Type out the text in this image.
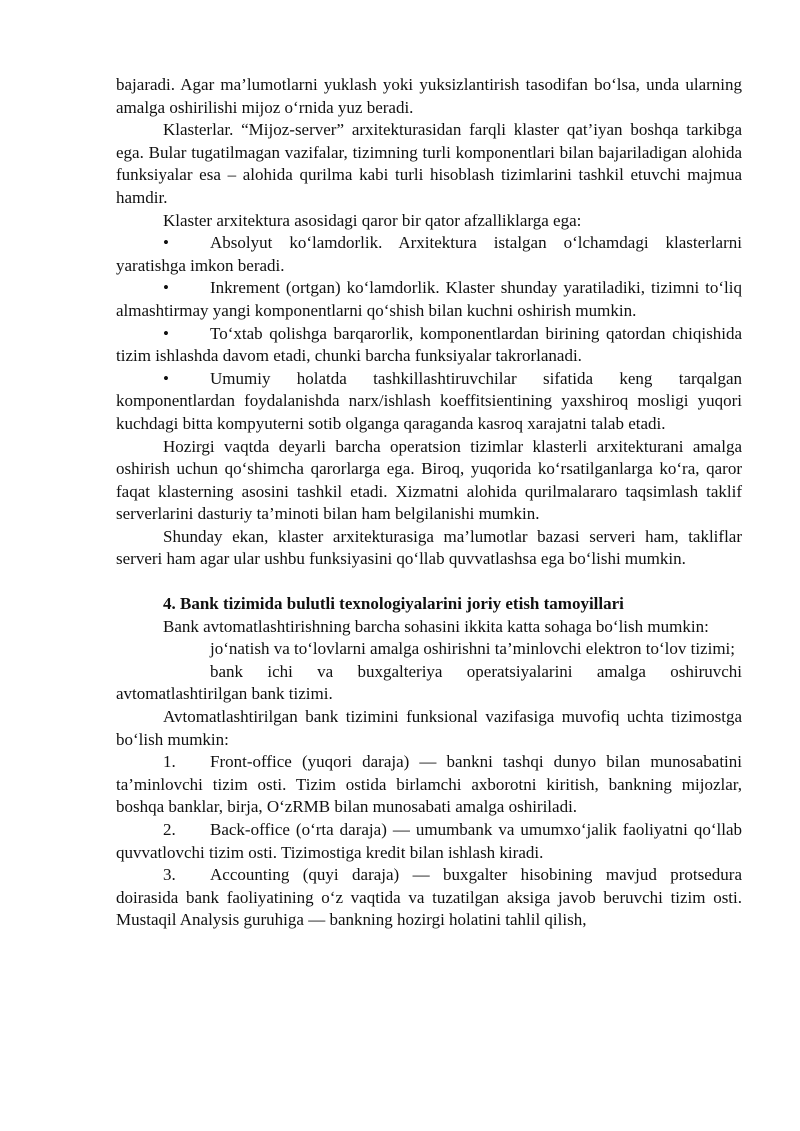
bajaradi. Agar ma’lumotlarni yuklash yoki yuksizlantirish tasodifan bo‘lsa, unda ularning amalga oshirilishi mijoz o‘rnida yuz beradi.

Klasterlar. “Mijoz-server” arxitekturasidan farqli klaster qat’iyan boshqa tarkibga ega. Bular tugatilmagan vazifalar, tizimning turli komponentlari bilan bajariladigan alohida funksiyalar esa – alohida qurilma kabi turli hisoblash tizimlarini tashkil etuvchi majmua hamdir.

Klaster arxitektura asosidagi qaror bir qator afzalliklarga ega:

• Absolyut ko‘lamdorlik. Arxitektura istalgan o‘lchamdagi klasterlarni yaratishga imkon beradi.

• Inkrement (ortgan) ko‘lamdorlik. Klaster shunday yaratiladiki, tizimni to‘liq almashtirmay yangi komponentlarni qo‘shish bilan kuchni oshirish mumkin.

• To‘xtab qolishga barqarorlik, komponentlardan birining qatordan chiqishida tizim ishlashda davom etadi, chunki barcha funksiyalar takrorlanadi.

• Umumiy holatda tashkillashtiruvchilar sifatida keng tarqalgan komponentlardan foydalanishda narx/ishlash koeffitsientining yaxshiroq mosligi yuqori kuchdagi bitta kompyuterni sotib olganga qaraganda kasroq xarajatni talab etadi.

Hozirgi vaqtda deyarli barcha operatsion tizimlar klasterli arxitekturani amalga oshirish uchun qo‘shimcha qarorlarga ega. Biroq, yuqorida ko‘rsatilganlarga ko‘ra, qaror faqat klasterning asosini tashkil etadi. Xizmatni alohida qurilmalararo taqsimlash taklif serverlarini dasturiy ta’minoti bilan ham belgilanishi mumkin.

Shunday ekan, klaster arxitekturasiga ma’lumotlar bazasi serveri ham, takliflar serveri ham agar ular ushbu funksiyasini qo‘llab quvvatlashsa ega bo‘lishi mumkin.

4. Bank tizimida bulutli texnologiyalarini joriy etish tamoyillari

Bank avtomatlashtirishning barcha sohasini ikkita katta sohaga bo‘lish mumkin:

jo‘natish va to‘lovlarni amalga oshirishni ta’minlovchi elektron to‘lov tizimi;

bank ichi va buxgalteriya operatsiyalarini amalga oshiruvchi avtomatlashtirilgan bank tizimi.

Avtomatlashtirilgan bank tizimini funksional vazifasiga muvofiq uchta tizimostga bo‘lish mumkin:

1. Front-office (yuqori daraja) — bankni tashqi dunyo bilan munosabatini ta’minlovchi tizim osti. Tizim ostida birlamchi axborotni kiritish, bankning mijozlar, boshqa banklar, birja, O‘zRMB bilan munosabati amalga oshiriladi.

2. Back-office (o‘rta daraja) — umumbank va umumxo‘jalik faoliyatni qo‘llab quvvatlovchi tizim osti. Tizimostiga kredit bilan ishlash kiradi.

3. Accounting (quyi daraja) — buxgalter hisobining mavjud protsedura doirasida bank faoliyatining o‘z vaqtida va tuzatilgan aksiga javob beruvchi tizim osti. Mustaqil Analysis guruhiga — bankning hozirgi holatini tahlil qilish,
